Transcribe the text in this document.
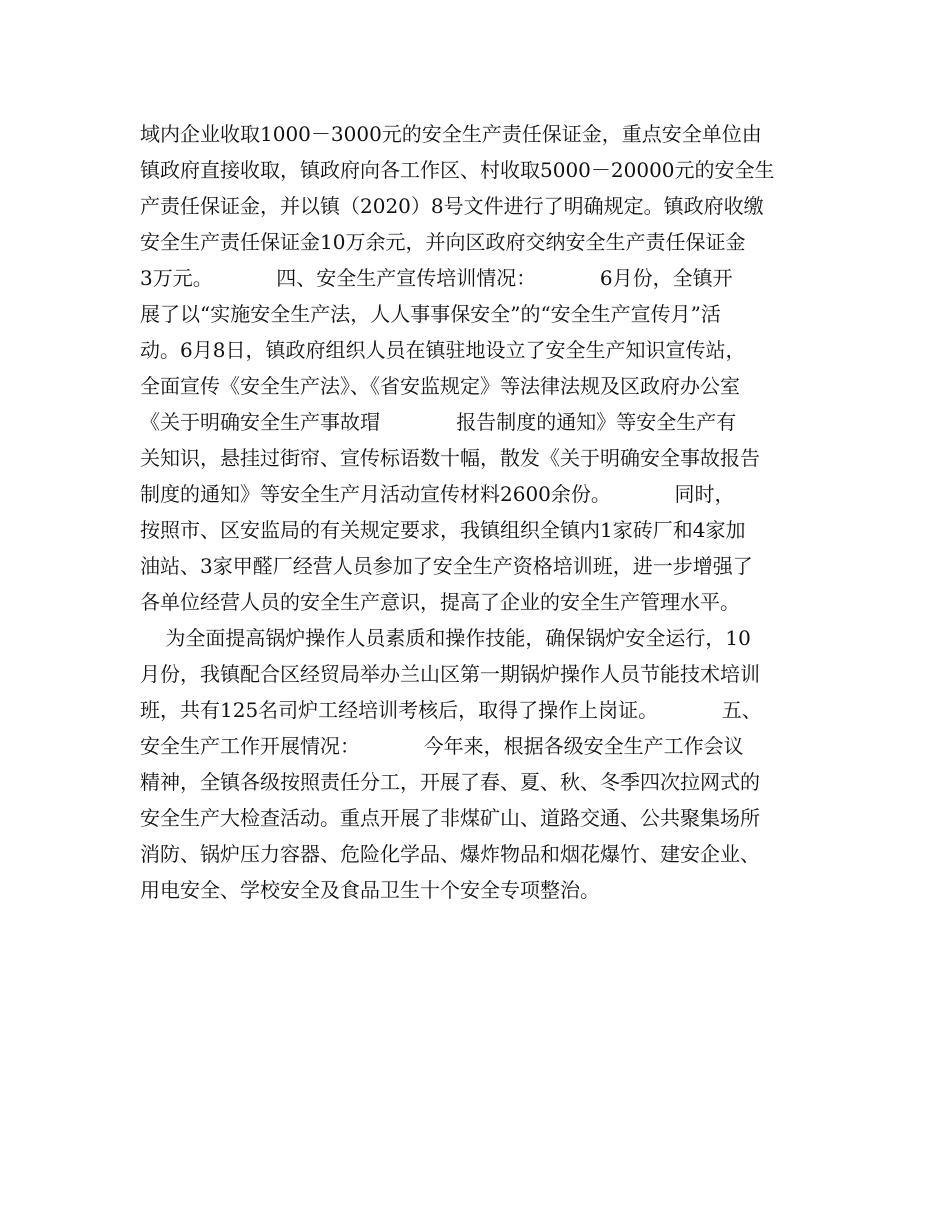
域内企业收取1000－3000元的安全生产责任保证金，重点安全单位由
镇政府直接收取，镇政府向各工作区、村收取5000－20000元的安全生
产责任保证金，并以镇（2020）8号文件进行了明确规定。镇政府收缴
安全生产责任保证金10万余元，并向区政府交纳安全生产责任保证金
3万元。          四、安全生产宣传培训情况：          6月份，全镇开
展了以“实施安全生产法，人人事事保安全”的“安全生产宣传月”活
动。6月8日，镇政府组织人员在镇驻地设立了安全生产知识宣传站，
全面宣传《安全生产法》、《省安监规定》等法律法规及区政府办公室
《关于明确安全生产事故瑁            报告制度的通知》等安全生产有
关知识，悬挂过街帘、宣传标语数十幅，散发《关于明确安全事故报告
制度的通知》等安全生产月活动宣传材料2600余份。          同时，
按照市、区安监局的有关规定要求，我镇组织全镇内1家砖厂和4家加
油站、3家甲醛厂经营人员参加了安全生产资格培训班，进一步增强了
各单位经营人员的安全生产意识，提高了企业的安全生产管理水平。
为全面提高锅炉操作人员素质和操作技能，确保锅炉安全运行，10
月份，我镇配合区经贸局举办兰山区第一期锅炉操作人员节能技术培训
班，共有125名司炉工经培训考核后，取得了操作上岗证。          五、
安全生产工作开展情况：          今年来，根据各级安全生产工作会议
精神，全镇各级按照责任分工，开展了春、夏、秋、冬季四次拉网式的
安全生产大检查活动。重点开展了非煤矿山、道路交通、公共聚集场所
消防、锅炉压力容器、危险化学品、爆炸物品和烟花爆竹、建安企业、
用电安全、学校安全及食品卫生十个安全专项整治。
